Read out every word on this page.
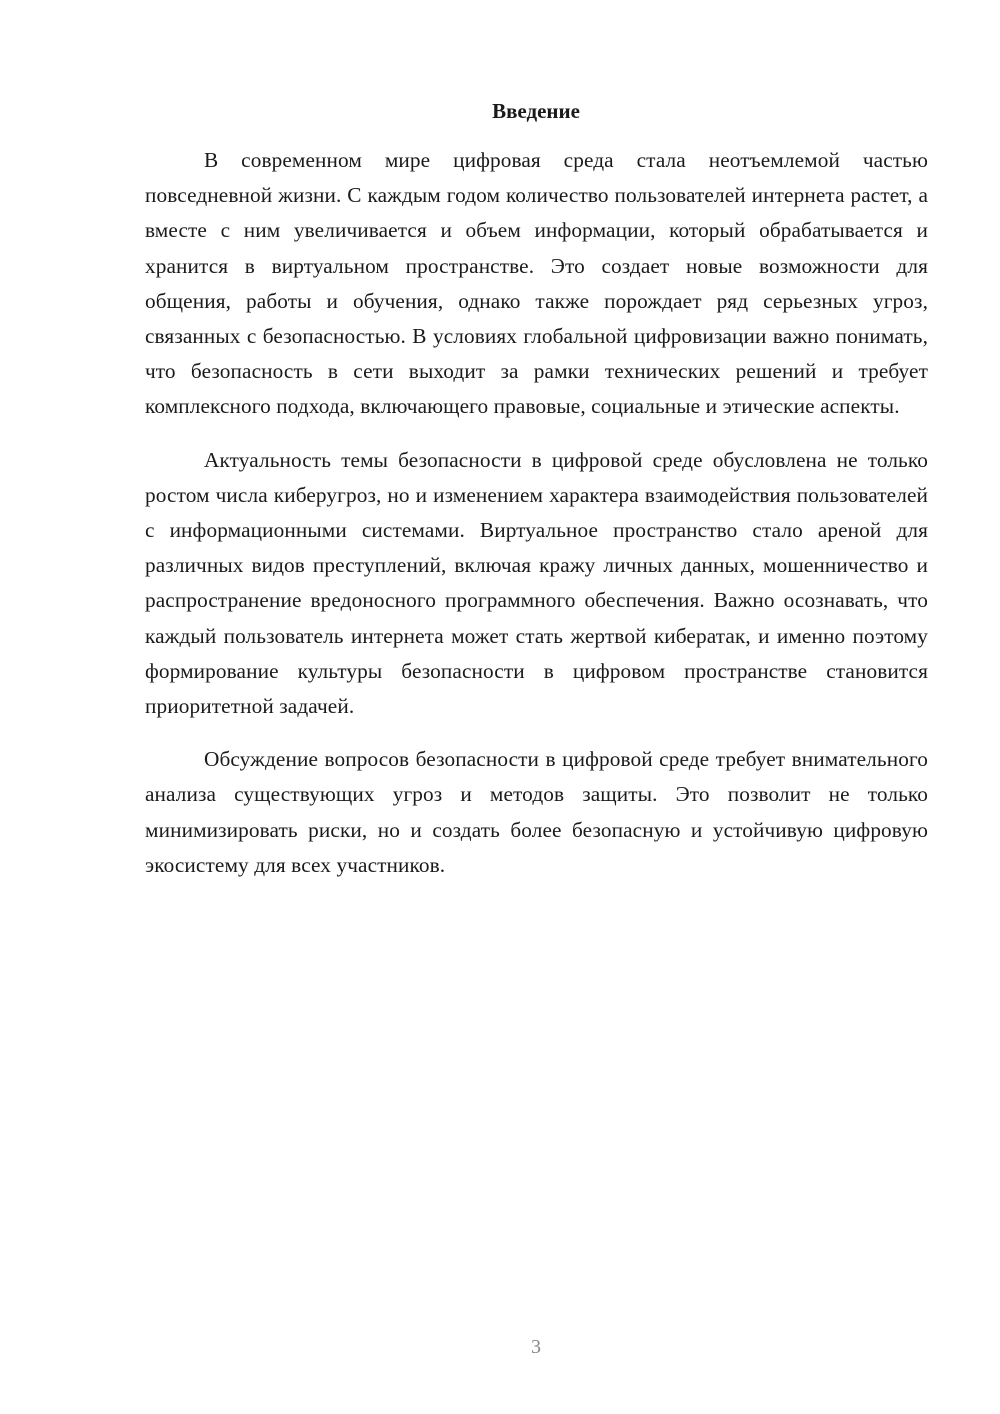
Введение

В современном мире цифровая среда стала неотъемлемой частью повседневной жизни. С каждым годом количество пользователей интернета растет, а вместе с ним увеличивается и объем информации, который обрабатывается и хранится в виртуальном пространстве. Это создает новые возможности для общения, работы и обучения, однако также порождает ряд серьезных угроз, связанных с безопасностью. В условиях глобальной цифровизации важно понимать, что безопасность в сети выходит за рамки технических решений и требует комплексного подхода, включающего правовые, социальные и этические аспекты.

Актуальность темы безопасности в цифровой среде обусловлена не только ростом числа киберугроз, но и изменением характера взаимодействия пользователей с информационными системами. Виртуальное пространство стало ареной для различных видов преступлений, включая кражу личных данных, мошенничество и распространение вредоносного программного обеспечения. Важно осознавать, что каждый пользователь интернета может стать жертвой кибератак, и именно поэтому формирование культуры безопасности в цифровом пространстве становится приоритетной задачей.

Обсуждение вопросов безопасности в цифровой среде требует внимательного анализа существующих угроз и методов защиты. Это позволит не только минимизировать риски, но и создать более безопасную и устойчивую цифровую экосистему для всех участников.

3
